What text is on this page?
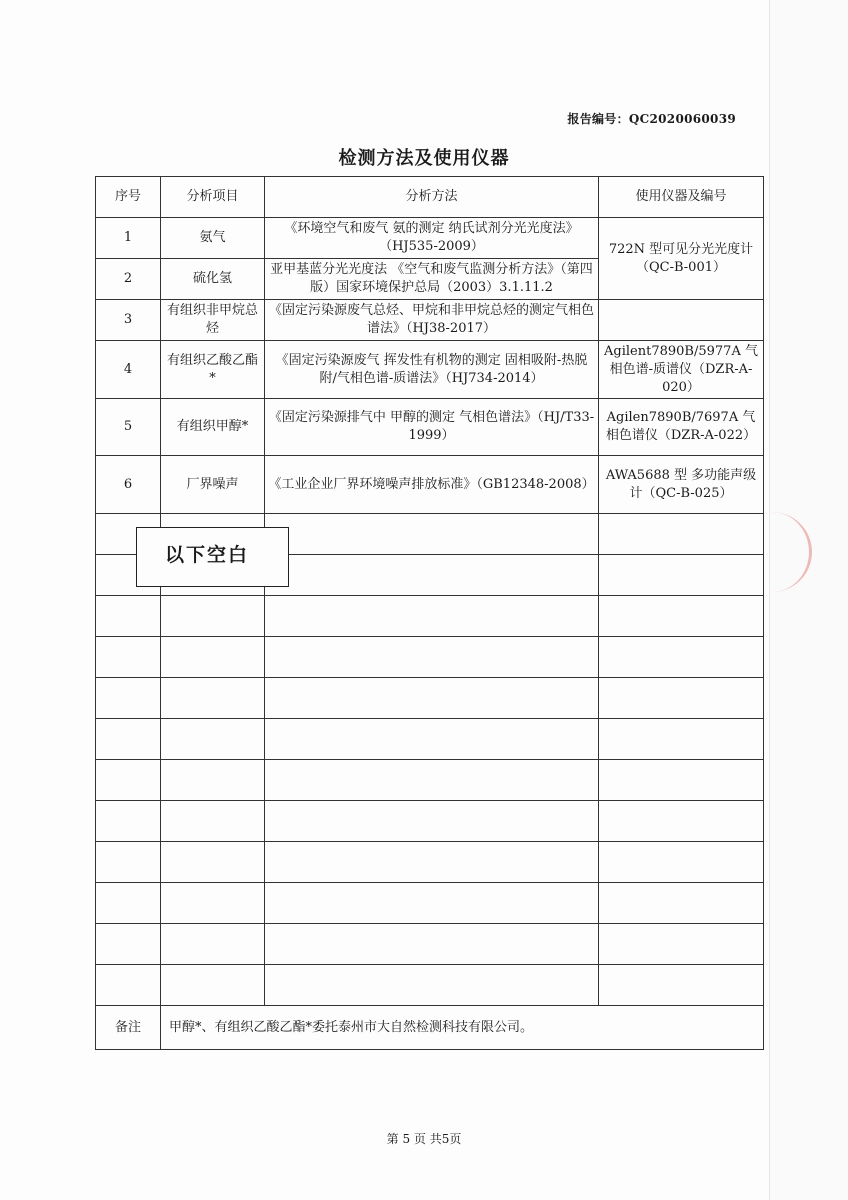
报告编号：QC2020060039
检测方法及使用仪器
序号	分析项目	分析方法	使用仪器及编号
1	氨气	《环境空气和废气 氨的测定 纳氏试剂分光光度法》（HJ535-2009）	722N 型可见分光光度计（QC-B-001）
2	硫化氢	亚甲基蓝分光光度法 《空气和废气监测分析方法》（第四版）国家环境保护总局（2003）3.1.11.2	
3	有组织非甲烷总烃	《固定污染源废气总烃、甲烷和非甲烷总烃的测定气相色谱法》（HJ38-2017）	
4	有组织乙酸乙酯*	《固定污染源废气 挥发性有机物的测定 固相吸附-热脱附/气相色谱-质谱法》（HJ734-2014）	Agilent7890B/5977A 气相色谱-质谱仪（DZR-A-020）
5	有组织甲醇*	《固定污染源排气中 甲醇的测定 气相色谱法》（HJ/T33-1999）	Agilen7890B/7697A 气相色谱仪（DZR-A-022）
6	厂界噪声	《工业企业厂界环境噪声排放标准》（GB12348-2008）	AWA5688 型 多功能声级计（QC-B-025）

备注	甲醇*、有组织乙酸乙酯*委托泰州市大自然检测科技有限公司。		
以下空白
第 5 页 共5页
